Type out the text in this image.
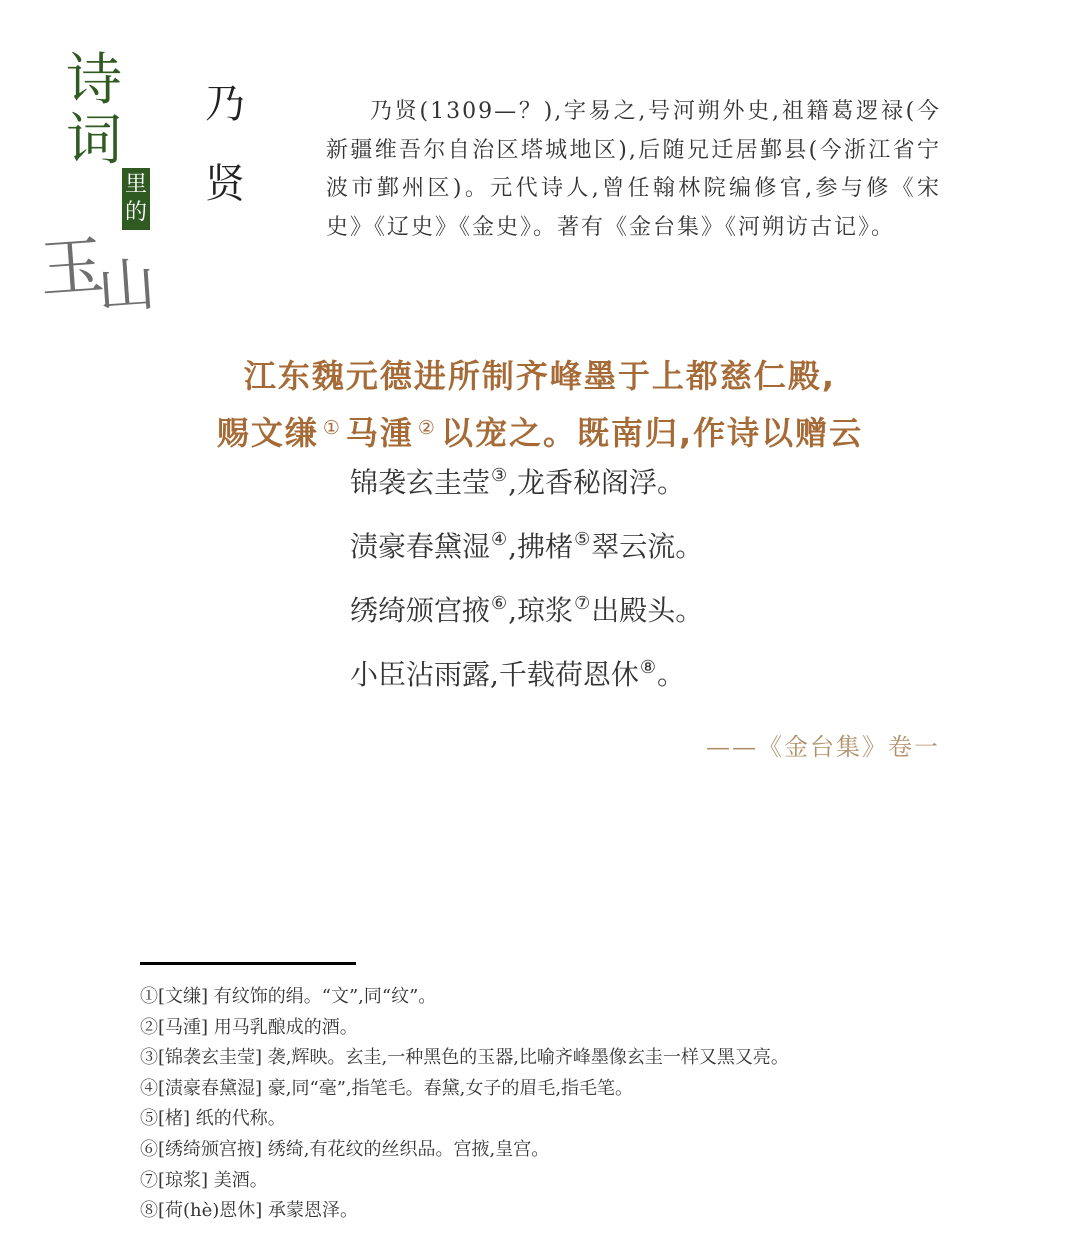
诗
词
里
的
玉山
乃
贤
乃贤(1309—？),字易之,号河朔外史,祖籍葛逻禄(今新疆维吾尔自治区塔城地区),后随兄迁居鄞县(今浙江省宁波市鄞州区)。元代诗人,曾任翰林院编修官,参与修《宋史》《辽史》《金史》。著有《金台集》《河朔访古记》。
江东魏元德进所制齐峰墨于上都慈仁殿,
赐文缣 ① 马湩 ② 以宠之。既南归,作诗以赠云
锦袭玄圭莹③,龙香秘阁浮。
渍豪春黛湿④,拂楮⑤翠云流。
绣绮颁宫掖⑥,琼浆⑦出殿头。
小臣沾雨露,千载荷恩休⑧。
——《金台集》卷一
①[文缣] 有纹饰的绢。“文”,同“纹”。
②[马湩] 用马乳酿成的酒。
③[锦袭玄圭莹] 袭,辉映。玄圭,一种黑色的玉器,比喻齐峰墨像玄圭一样又黑又亮。
④[渍豪春黛湿] 豪,同“毫”,指笔毛。春黛,女子的眉毛,指毛笔。
⑤[楮] 纸的代称。
⑥[绣绮颁宫掖] 绣绮,有花纹的丝织品。宫掖,皇宫。
⑦[琼浆] 美酒。
⑧[荷(hè)恩休] 承蒙恩泽。
